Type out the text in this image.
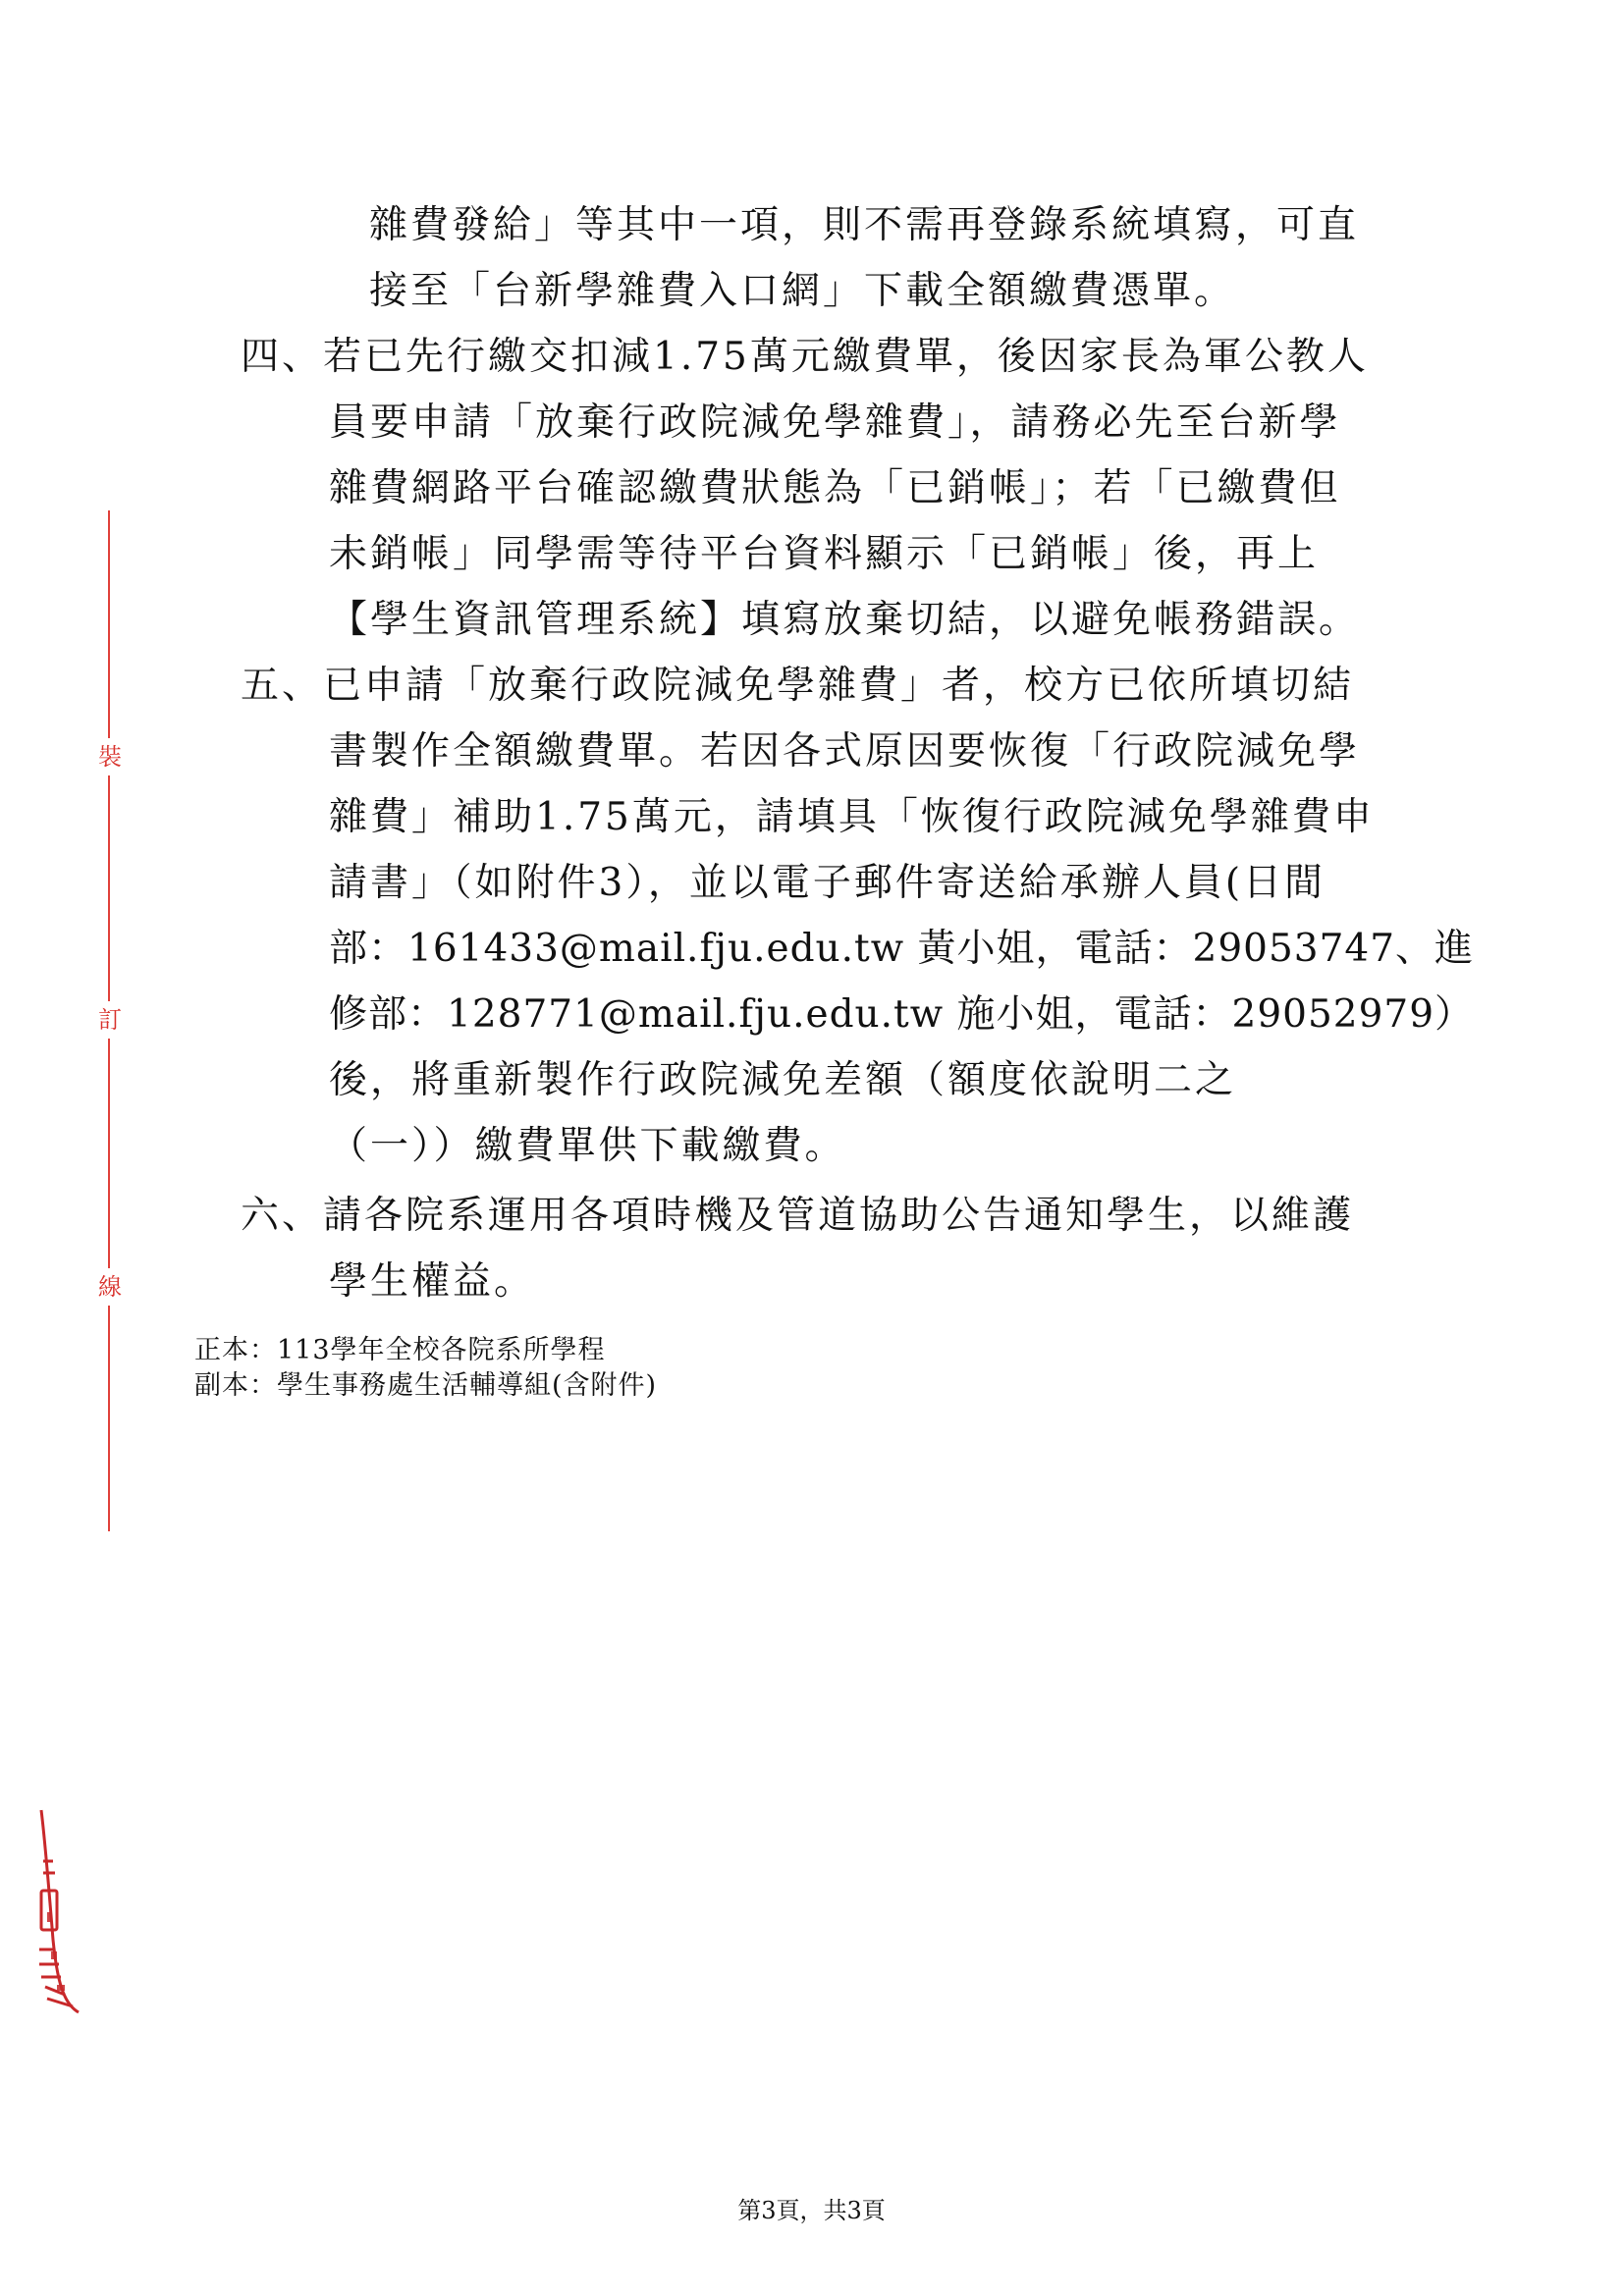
裝
訂
線
雜費發給」等其中一項，則不需再登錄系統填寫，可直
接至「台新學雜費入口網」下載全額繳費憑單。
四、若已先行繳交扣減1.75萬元繳費單，後因家長為軍公教人
員要申請「放棄行政院減免學雜費」，請務必先至台新學
雜費網路平台確認繳費狀態為「已銷帳」；若「已繳費但
未銷帳」同學需等待平台資料顯示「已銷帳」後，再上
【學生資訊管理系統】填寫放棄切結，以避免帳務錯誤。
五、已申請「放棄行政院減免學雜費」者，校方已依所填切結
書製作全額繳費單。若因各式原因要恢復「行政院減免學
雜費」補助1.75萬元，請填具「恢復行政院減免學雜費申
請書」（如附件3），並以電子郵件寄送給承辦人員(日間
部：161433@mail.fju.edu.tw 黃小姐，電話：29053747、進
修部：128771@mail.fju.edu.tw 施小姐，電話：29052979）
後，將重新製作行政院減免差額（額度依說明二之
（一））繳費單供下載繳費。
六、請各院系運用各項時機及管道協助公告通知學生，以維護
學生權益。
正本：113學年全校各院系所學程
副本：學生事務處生活輔導組(含附件)
第3頁，共3頁
